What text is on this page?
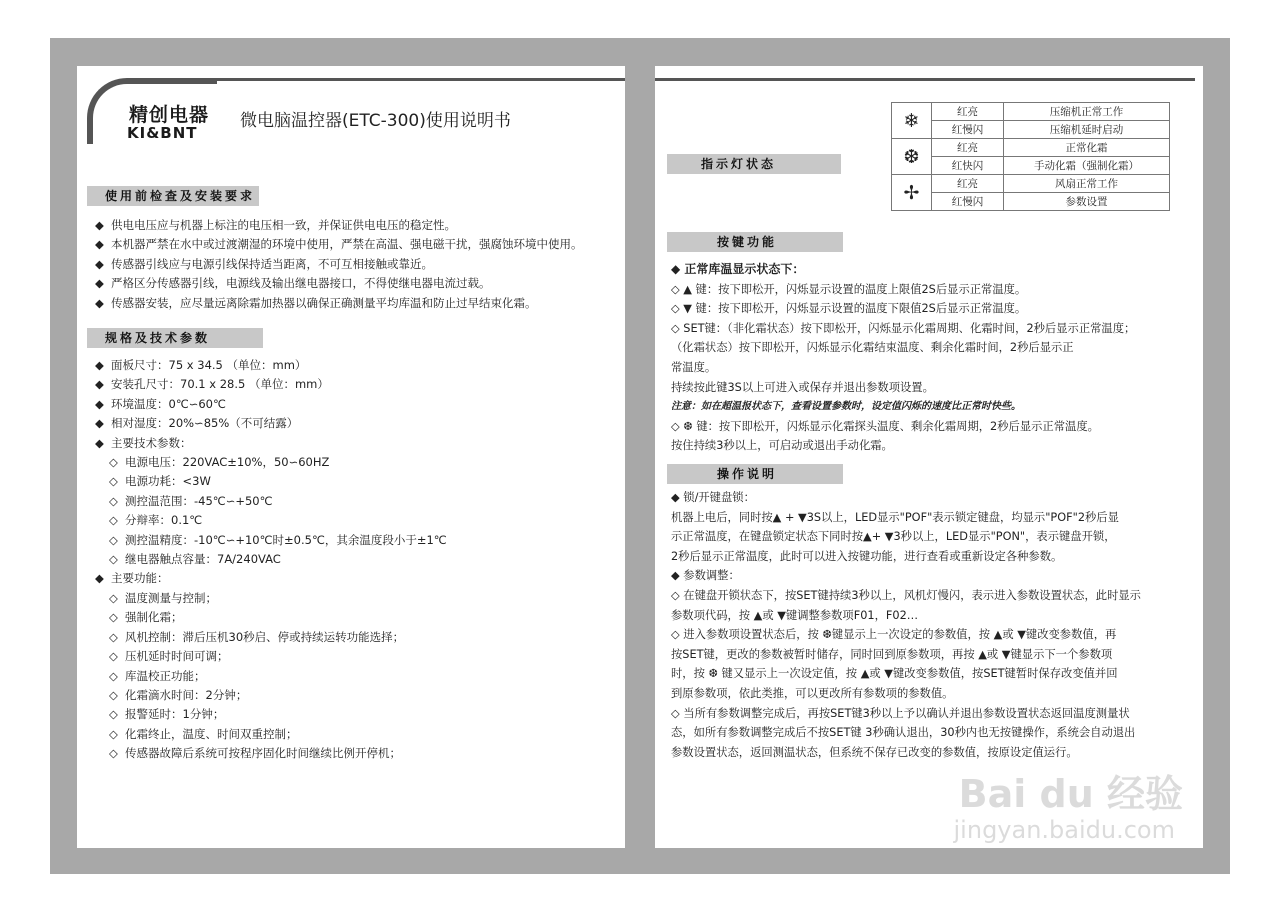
精创电器
KI&BNT
微电脑温控器(ETC-300)使用说明书
使用前检查及安装要求
◆ 供电电压应与机器上标注的电压相一致，并保证供电电压的稳定性。
◆ 本机器严禁在水中或过渡潮湿的环境中使用，严禁在高温、强电磁干扰，强腐蚀环境中使用。
◆ 传感器引线应与电源引线保持适当距离，不可互相接触或靠近。
◆ 严格区分传感器引线，电源线及输出继电器接口，不得使继电器电流过载。
◆ 传感器安装，应尽量远离除霜加热器以确保正确测量平均库温和防止过早结束化霜。
规格及技术参数
◆ 面板尺寸：75 x 34.5 （单位：mm）
◆ 安装孔尺寸：70.1 x 28.5 （单位：mm）
◆ 环境温度：0℃∽60℃
◆ 相对湿度：20%∽85%（不可结露）
◆ 主要技术参数：
◇ 电源电压：220VAC±10%，50∽60HZ
◇ 电源功耗：<3W
◇ 测控温范围：-45℃∽+50℃
◇ 分辩率：0.1℃
◇ 测控温精度：-10℃∽+10℃时±0.5℃，其余温度段小于±1℃
◇ 继电器触点容量：7A/240VAC
◆ 主要功能：
◇ 温度测量与控制；
◇ 强制化霜；
◇ 风机控制：滞后压机30秒启、停或持续运转功能选择；
◇ 压机延时时间可调；
◇ 库温校正功能；
◇ 化霜滴水时间：2分钟；
◇ 报警延时：1分钟；
◇ 化霜终止，温度、时间双重控制；
◇ 传感器故障后系统可按程序固化时间继续比例开停机；
❄	红亮	压缩机正常工作
	红慢闪	压缩机延时启动
❆	红亮	正常化霜
	红快闪	手动化霜（强制化霜）
✢	红亮	风扇正常工作
	红慢闪	参数设置
指示灯状态
按键功能
◆ 正常库温显示状态下：
◇ ▲ 键：按下即松开，闪烁显示设置的温度上限值2S后显示正常温度。
◇ ▼ 键：按下即松开，闪烁显示设置的温度下限值2S后显示正常温度。
◇ SET键：（非化霜状态）按下即松开，闪烁显示化霜周期、化霜时间，2秒后显示正常温度；
（化霜状态）按下即松开，闪烁显示化霜结束温度、剩余化霜时间，2秒后显示正
常温度。
持续按此键3S以上可进入或保存并退出参数项设置。
注意：如在超温报状态下，查看设置参数时，设定值闪烁的速度比正常时快些。
◇ ❆ 键：按下即松开，闪烁显示化霜探头温度、剩余化霜周期，2秒后显示正常温度。
按住持续3秒以上，可启动或退出手动化霜。
操作说明
◆ 锁/开键盘锁：
机器上电后，同时按▲ + ▼3S以上，LED显示"POF"表示锁定键盘，均显示"POF"2秒后显
示正常温度，在键盘锁定状态下同时按▲+ ▼3秒以上，LED显示"PON"，表示键盘开锁，
2秒后显示正常温度，此时可以进入按键功能，进行查看或重新设定各种参数。
◆ 参数调整：
◇ 在键盘开锁状态下，按SET键持续3秒以上，风机灯慢闪，表示进入参数设置状态，此时显示
参数项代码，按 ▲或 ▼键调整参数项F01，F02…
◇ 进入参数项设置状态后，按 ❆键显示上一次设定的参数值，按 ▲或 ▼键改变参数值，再
按SET键，更改的参数被暂时储存，同时回到原参数项，再按 ▲或 ▼键显示下一个参数项
时，按 ❆ 键又显示上一次设定值，按 ▲或 ▼键改变参数值，按SET键暂时保存改变值并回
到原参数项，依此类推，可以更改所有参数项的参数值。
◇ 当所有参数调整完成后，再按SET键3秒以上予以确认并退出参数设置状态返回温度测量状
态，如所有参数调整完成后不按SET键 3秒确认退出，30秒内也无按键操作，系统会自动退出
参数设置状态，返回测温状态，但系统不保存已改变的参数值，按原设定值运行。
Bai du 经验
jingyan.baidu.com
